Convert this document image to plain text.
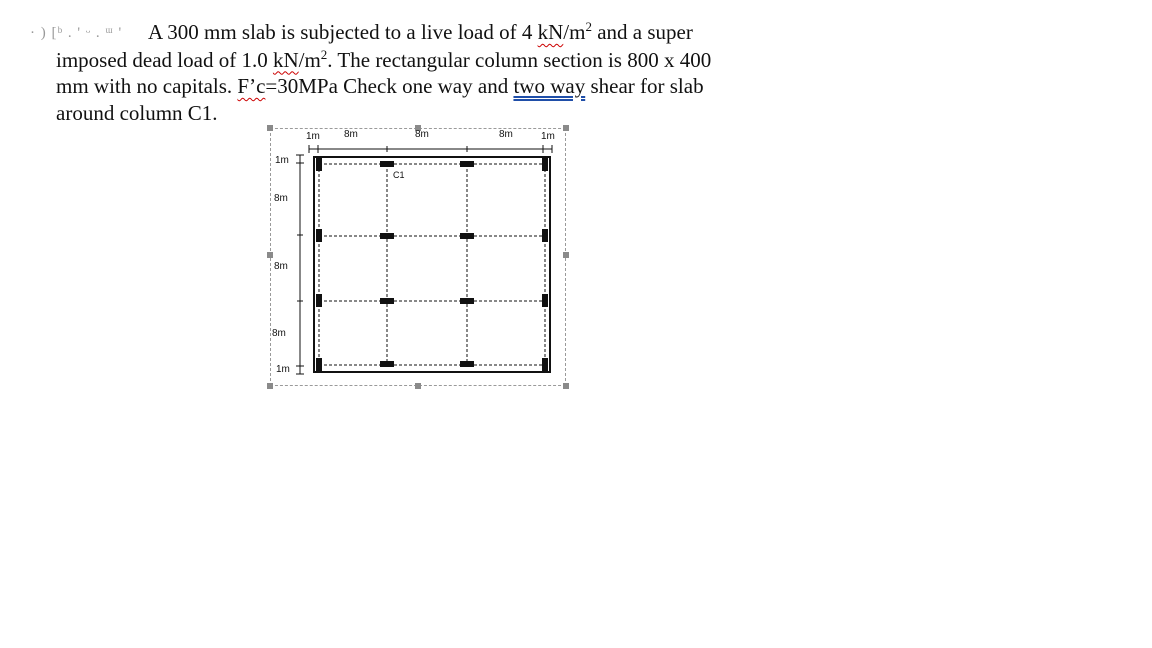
· ) [ᵇ . ' ᵕ . ᵚ ' A 300 mm slab is subjected to a live load of 4 $kN/m^2$ and a super
imposed dead load of 1.0 $kN/m^2$. The rectangular column section is 800 x 400
mm with no capitals. F’c=30MPa Check one way and two way shear for slab
around column C1.
1m 8m	8m	8m	1m
1m
8m
8m
8m
1m
C1
